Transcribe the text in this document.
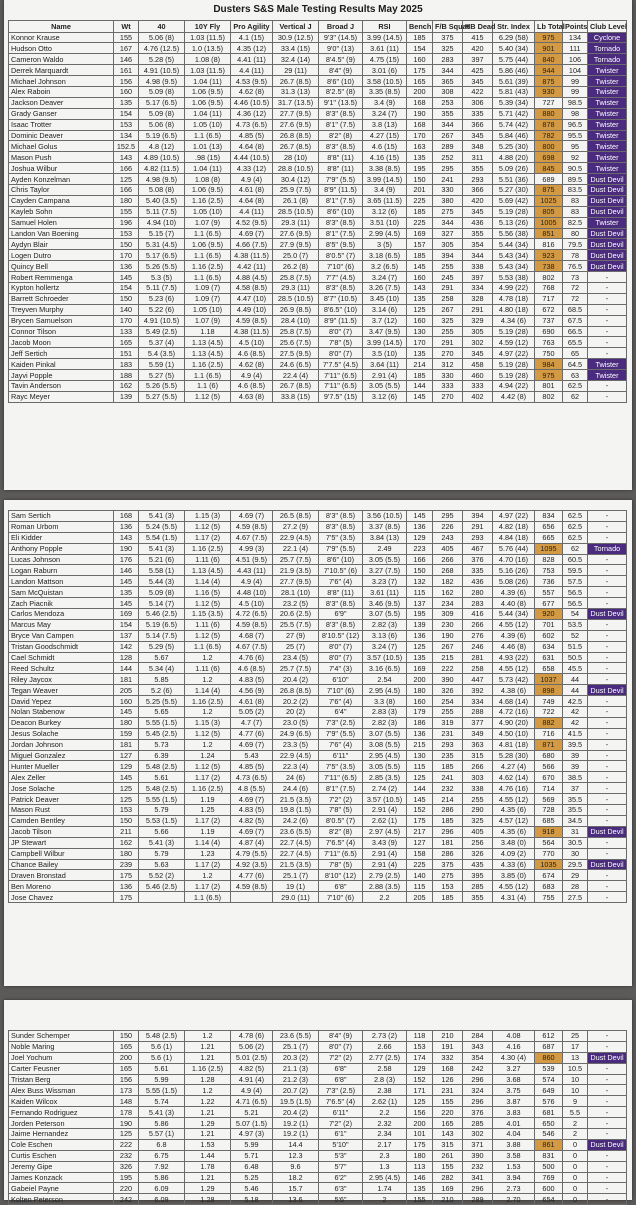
Dusters S&S Male Testing Results May 2025
Name	Wt	40	10Y Fly	Pro Agility	Vertical J	Broad J	RSI	Bench	F/B Squat	HB Dead	Str. Index	Lb Total	Points	Club Level
Konnor Krause	155	5.06 (8)	1.03 (11.5)	4.1 (15)	30.9 (12.5)	9'3" (14.5)	3.99 (14.5)	185	375	415	6.29 (58)	975	134	Cyclone
Hudson Otto	167	4.76 (12.5)	1.0 (13.5)	4.35 (12)	33.4 (15)	9'0" (13)	3.61 (11)	154	325	420	5.40 (34)	901	111	Tornado
Cameron Waldo	146	5.28 (5)	1.08 (8)	4.41 (11)	32.4 (14)	8'4.5" (9)	4.75 (15)	160	283	397	5.75 (44)	840	106	Tornado
Derrek Marquardt	161	4.91 (10.5)	1.03 (11.5)	4.4 (11)	29 (11)	8'4" (9)	3.01 (6)	175	344	425	5.86 (46)	944	104	Twister
Michael Johnson	156	4.98 (9.5)	1.04 (11)	4.53 (9.5)	26.7 (8.5)	8'6" (10)	3.58 (10.5)	165	365	345	5.61 (39)	875	99	Twister
Alex Raboin	160	5.09 (8)	1.06 (9.5)	4.62 (8)	31.3 (13)	8'2.5" (8)	3.35 (8.5)	200	308	422	5.81 (43)	930	99	Twister
Jackson Deaver	135	5.17 (6.5)	1.06 (9.5)	4.46 (10.5)	31.7 (13.5)	9'1" (13.5)	3.4 (9)	168	253	306	5.39 (34)	727	98.5	Twister
Grady Ganser	154	5.09 (8)	1.04 (11)	4.36 (12)	27.7 (9.5)	8'3" (8.5)	3.24 (7)	190	355	335	5.71 (42)	880	98	Twister
Isaac Trotter	153	5.06 (8)	1.05 (10)	4.73 (6.5)	27.6 (9.5)	8'1" (7.5)	3.8 (13)	168	344	366	5.74 (42)	878	96.5	Twister
Dominic Deaver	134	5.19 (6.5)	1.1 (6.5)	4.85 (5)	26.8 (8.5)	8'2" (8)	4.27 (15)	170	267	345	5.84 (46)	782	95.5	Twister
Michael Golus	152.5	4.8 (12)	1.01 (13)	4.64 (8)	26.7 (8.5)	8'3" (8.5)	4.6 (15)	163	289	348	5.25 (30)	800	95	Twister
Mason Push	143	4.89 (10.5)	.98 (15)	4.44 (10.5)	28 (10)	8'8" (11)	4.16 (15)	135	252	311	4.88 (20)	698	92	Twister
Joshua Wilbur	166	4.82 (11.5)	1.04 (11)	4.33 (12)	28.8 (10.5)	8'8" (11)	3.38 (8.5)	195	295	355	5.09 (26)	845	90.5	Twister
Ayden Konzelman	125	4.98 (9.5)	1.08 (8)	4.9 (4)	30.4 (12)	7'9" (5.5)	3.99 (14.5)	150	241	293	5.51 (36)	689	89.5	Dust Devil
Chris Taylor	166	5.08 (8)	1.06 (9.5)	4.61 (8)	25.9 (7.5)	8'9" (11.5)	3.4 (9)	201	330	366	5.27 (30)	875	83.5	Dust Devil
Cayden Campana	180	5.40 (3.5)	1.16 (2.5)	4.64 (8)	26.1 (8)	8'1" (7.5)	3.65 (11.5)	225	380	420	5.69 (42)	1025	83	Dust Devil
Kayleb Sohn	155	5.11 (7.5)	1.05 (10)	4.4 (11)	28.5 (10.5)	8'6" (10)	3.12 (6)	185	275	345	5.19 (28)	805	83	Dust Devil
Samuel Holen	196	4.94 (10)	1.07 (9)	4.52 (9.5)	29.3 (11)	8'3" (8.5)	3.51 (10)	225	344	436	5.13 (26)	1005	82.5	Twister
Landon Van Boening	153	5.15 (7)	1.1 (6.5)	4.69 (7)	27.6 (9.5)	8'1" (7.5)	2.99 (4.5)	169	327	355	5.56 (38)	851	80	Dust Devil
Aydyn Blair	150	5.31 (4.5)	1.06 (9.5)	4.66 (7.5)	27.9 (9.5)	8'5" (9.5)	3 (5)	157	305	354	5.44 (34)	816	79.5	Dust Devil
Logen Dutro	170	5.17 (6.5)	1.1 (6.5)	4.38 (11.5)	25.0 (7)	8'0.5" (7)	3.18 (6.5)	185	394	344	5.43 (34)	923	78	Dust Devil
Quincy Bell	136	5.26 (5.5)	1.16 (2.5)	4.42 (11)	26.2 (8)	7'10" (6)	3.2 (6.5)	145	255	338	5.43 (34)	738	76.5	Dust Devil
Robert Remmenga	145	5.3 (5)	1.1 (6.5)	4.88 (4.5)	25.8 (7.5)	7'7" (4.5)	3.24 (7)	160	245	397	5.53 (38)	802	73	-
Kypton hollertz	154	5.11 (7.5)	1.09 (7)	4.58 (8.5)	29.3 (11)	8'3" (8.5)	3.26 (7.5)	143	291	334	4.99 (22)	768	72	-
Barrett Schroeder	150	5.23 (6)	1.09 (7)	4.47 (10)	28.5 (10.5)	8'7" (10.5)	3.45 (10)	135	258	328	4.78 (18)	717	72	-
Treyven Murphy	140	5.22 (6)	1.05 (10)	4.49 (10)	26.9 (8.5)	8'6.5" (10)	3.14 (6)	125	267	291	4.80 (18)	672	68.5	-
Brycen Samuelson	170	4.91 (10.5)	1.07 (9)	4.59 (8.5)	28.4 (10)	8'9" (11.5)	3.7 (12)	160	325	329	4.34 (6)	737	67.5	-
Connor Tilson	133	5.49 (2.5)	1.18	4.38 (11.5)	25.8 (7.5)	8'0" (7)	3.47 (9.5)	130	255	305	5.19 (28)	690	66.5	-
Jacob Moon	165	5.37 (4)	1.13 (4.5)	4.5 (10)	25.6 (7.5)	7'8" (5)	3.99 (14.5)	170	291	302	4.59 (12)	763	65.5	-
Jeff Sertich	151	5.4 (3.5)	1.13 (4.5)	4.6 (8.5)	27.5 (9.5)	8'0" (7)	3.5 (10)	135	270	345	4.97 (22)	750	65	-
Kaiden Pinkal	183	5.59 (1)	1.16 (2.5)	4.62 (8)	24.6 (6.5)	7'7.5" (4.5)	3.64 (11)	214	312	458	5.19 (28)	984	64.5	Twister
Jayvi Popple	188	5.27 (5)	1.1 (6.5)	4.9 (4)	22.4 (4)	7'11" (6.5)	2.91 (4)	185	330	460	5.19 (28)	975	63	Twister
Tavin Anderson	162	5.26 (5.5)	1.1 (6)	4.6 (8.5)	26.7 (8.5)	7'11" (6.5)	3.05 (5.5)	144	333	333	4.94 (22)	801	62.5	-
Rayc Meyer	139	5.27 (5.5)	1.12 (5)	4.63 (8)	33.8 (15)	9'7.5" (15)	3.12 (6)	145	270	402	4.42 (8)	802	62	-
Sam Sertich	168	5.41 (3)	1.15 (3)	4.69 (7)	26.5 (8.5)	8'3" (8.5)	3.56 (10.5)	145	295	394	4.97 (22)	834	62.5	-
Roman Urbom	136	5.24 (5.5)	1.12 (5)	4.59 (8.5)	27.2 (9)	8'3" (8.5)	3.37 (8.5)	136	226	291	4.82 (18)	656	62.5	-
Eli Kidder	143	5.54 (1.5)	1.17 (2)	4.67 (7.5)	22.9 (4.5)	7'5" (3.5)	3.84 (13)	129	243	293	4.84 (18)	665	62.5	-
Anthony Popple	190	5.41 (3)	1.16 (2.5)	4.99 (3)	22.1 (4)	7'9" (5.5)	2.49	223	405	467	5.76 (44)	1095	62	Tornado
Lucas Johnson	176	5.21 (6)	1.11 (6)	4.51 (9.5)	25.7 (7.5)	8'6" (10)	3.05 (5.5)	166	266	376	4.70 (16)	828	60.5	-
Logan Raburn	146	5.58 (1)	1.13 (4.5)	4.43 (11)	21.9 (3.5)	7'10.5" (6)	3.27 (7.5)	150	268	335	5.16 (26)	753	59.5	-
Landon Mattson	145	5.44 (3)	1.14 (4)	4.9 (4)	27.7 (9.5)	7'6" (4)	3.23 (7)	132	182	436	5.08 (26)	736	57.5	-
Sam McQuistan	135	5.09 (8)	1.16 (5)	4.48 (10)	28.1 (10)	8'8" (11)	3.61 (11)	115	162	280	4.39 (6)	557	56.5	-
Zach Piacnik	145	5.14 (7)	1.12 (5)	4.5 (10)	23.2 (5)	8'3" (8.5)	3.46 (9.5)	137	234	283	4.40 (8)	677	56.5	-
Carlos Mendoza	169	5.46 (2.5)	1.15 (3.5)	4.72 (6.5)	20.6 (2.5)	6'9"	3.07 (5.5)	195	309	416	5.44 (34)	920	54	Dust Devil
Marcus May	154	5.19 (6.5)	1.11 (6)	4.59 (8.5)	25.5 (7.5)	8'3" (8.5)	2.82 (3)	139	230	266	4.55 (12)	701	53.5	-
Bryce Van Campen	137	5.14 (7.5)	1.12 (5)	4.68 (7)	27 (9)	8'10.5" (12)	3.13 (6)	136	190	276	4.39 (6)	602	52	-
Tristan Goodschmidt	142	5.29 (5)	1.1 (6.5)	4.67 (7.5)	25 (7)	8'0" (7)	3.24 (7)	125	267	246	4.46 (8)	634	51.5	-
Cael Schmidt	128	5.67	1.2	4.76 (6)	23.4 (5)	8'0" (7)	3.57 (10.5)	135	215	281	4.93 (22)	631	50.5	-
Reed Schultz	144	5.34 (4)	1.11 (6)	4.6 (8.5)	25.7 (7.5)	7'4" (3)	3.16 (6.5)	169	222	258	4.55 (12)	658	45.5	-
Riley Jaycox	181	5.85	1.2	4.83 (5)	20.4 (2)	6'10"	2.54	200	390	447	5.73 (42)	1037	44	-
Tegan Weaver	205	5.2 (6)	1.14 (4)	4.56 (9)	26.8 (8.5)	7'10" (6)	2.95 (4.5)	180	326	392	4.38 (6)	898	44	Dust Devil
David Yepez	160	5.25 (5.5)	1.16 (2.5)	4.61 (8)	20.2 (2)	7'6" (4)	3.3 (8)	160	254	334	4.68 (14)	749	42.5	-
Nolan Stabenow	145	5.65	1.2	5.05 (2)	20 (2)	6'4"	2.83 (3)	179	255	288	4.72 (16)	722	42	-
Deacon Burkey	180	5.55 (1.5)	1.15 (3)	4.7 (7)	23.0 (5)	7'3" (2.5)	2.82 (3)	186	319	377	4.90 (20)	882	42	-
Jesus Solache	159	5.45 (2.5)	1.12 (5)	4.77 (6)	24.9 (6.5)	7'9" (5.5)	3.07 (5.5)	136	231	349	4.50 (10)	716	41.5	-
Jordan Johnson	181	5.73	1.2	4.69 (7)	23.3 (5)	7'6" (4)	3.08 (5.5)	215	293	363	4.81 (18)	871	39.5	-
Miguel Gonzalez	127	6.39	1.24	5.43	22.9 (4.5)	6'11"	2.95 (4.5)	130	235	315	5.28 (30)	680	39	-
Hunter Mueller	129	5.48 (2.5)	1.12 (5)	4.85 (5)	22.3 (4)	7'5" (3.5)	3.05 (5.5)	115	185	266	4.27 (4)	566	39	-
Alex Zeller	145	5.61	1.17 (2)	4.73 (6.5)	24 (6)	7'11" (6.5)	2.85 (3.5)	125	241	303	4.62 (14)	670	38.5	-
Jose Solache	125	5.48 (2.5)	1.16 (2.5)	4.8 (5.5)	24.4 (6)	8'1" (7.5)	2.74 (2)	144	232	338	4.76 (16)	714	37	-
Patrick Deaver	125	5.55 (1.5)	1.19	4.69 (7)	21.5 (3.5)	7'2" (2)	3.57 (10.5)	145	214	255	4.55 (12)	569	35.5	-
Mason Rust	153	5.79	1.25	4.83 (5)	19.8 (1.5)	7'8" (5)	2.91 (4)	152	286	290	4.35 (6)	728	35.5	-
Camden Bentley	150	5.53 (1.5)	1.17 (2)	4.82 (5)	24.2 (6)	8'0.5" (7)	2.62 (1)	175	185	325	4.57 (12)	685	34.5	-
Jacob Tilson	211	5.66	1.19	4.69 (7)	23.6 (5.5)	8'2" (8)	2.97 (4.5)	217	296	405	4.35 (6)	918	31	Dust Devil
JP Stewart	162	5.41 (3)	1.14 (4)	4.87 (4)	22.7 (4.5)	7'6.5" (4)	3.43 (9)	127	181	256	3.48 (0)	564	30.5	-
Campbell Wilbur	180	5.79	1.23	4.79 (5.5)	22.7 (4.5)	7'11" (6.5)	2.91 (4)	158	286	326	4.09 (2)	770	30	-
Chance Bailey	239	5.63	1.17 (2)	4.92 (3.5)	21.5 (3.5)	7'8" (5)	2.91 (4)	225	375	435	4.33 (6)	1035	29.5	Dust Devil
Draven Bronstad	175	5.52 (2)	1.2	4.77 (6)	25.1 (7)	8'10" (12)	2.79 (2.5)	140	275	395	3.85 (0)	674	29	-
Ben Moreno	136	5.46 (2.5)	1.17 (2)	4.59 (8.5)	19 (1)	6'8"	2.88 (3.5)	115	153	285	4.55 (12)	683	28	-
Jose Chavez	175		1.1 (6.5)		29.0 (11)	7'10" (6)	2.2	205	185	355	4.31 (4)	755	27.5	-
Sunder Schemper	150	5.48 (2.5)	1.2	4.78 (6)	23.6 (5.5)	8'4" (9)	2.73 (2)	118	210	284	4.08	612	25	-
Noble Maring	165	5.6 (1)	1.21	5.06 (2)	25.1 (7)	8'0" (7)	2.66	153	191	343	4.16	687	17	-
Joel Yochum	200	5.6 (1)	1.21	5.01 (2.5)	20.3 (2)	7'2" (2)	2.77 (2.5)	174	332	354	4.30 (4)	860	13	Dust Devil
Carter Feusner	165	5.61	1.16 (2.5)	4.82 (5)	21.1 (3)	6'8"	2.58	129	168	242	3.27	539	10.5	-
Tristan Berg	156	5.99	1.28	4.91 (4)	21.2 (3)	6'8"	2.8 (3)	152	126	296	3.68	574	10	-
Alex Buss Wissman	173	5.55 (1.5)	1.2	4.9 (4)	20.7 (2)	7'3" (2.5)	2.38	171	231	324	3.75	649	10	-
Kaiden Wilcox	148	5.74	1.22	4.71 (6.5)	19.5 (1.5)	7'6.5" (4)	2.62 (1)	125	155	296	3.87	576	9	-
Fernando Rodriguez	178	5.41 (3)	1.21	5.21	20.4 (2)	6'11"	2.2	156	220	376	3.83	681	5.5	-
Jorden Peterson	190	5.86	1.29	5.07 (1.5)	19.2 (1)	7'2" (2)	2.32	200	165	285	4.01	650	2	-
Jaime Hernandez	125	5.57 (1)	1.21	4.97 (3)	19.2 (1)	6'1"	2.34	101	143	302	4.04	546	2	-
Cole Eschen	222	6.8	1.53	5.99	14.4	5'10"	2.17	175	315	371	3.88	861	0	Dust Devil
Curtis Eschen	232	6.75	1.44	5.71	12.3	5'3"	2.3	180	261	390	3.58	831	0	-
Jeremy Gipe	326	7.92	1.78	6.48	9.6	5'7"	1.3	113	155	232	1.53	500	0	-
James Konzack	195	5.86	1.21	5.25	18.2	6'2"	2.95 (4.5)	146	282	341	3.94	769	0	-
Gabeiel Payne	220	6.09	1.29	5.46	15.7	6'3"	1.74	135	169	296	2.73	600	0	-
Kolten Peterson	242	6.09	1.28	5.18	13.6	5'6"	2	155	210	289	2.70	654	0	-
